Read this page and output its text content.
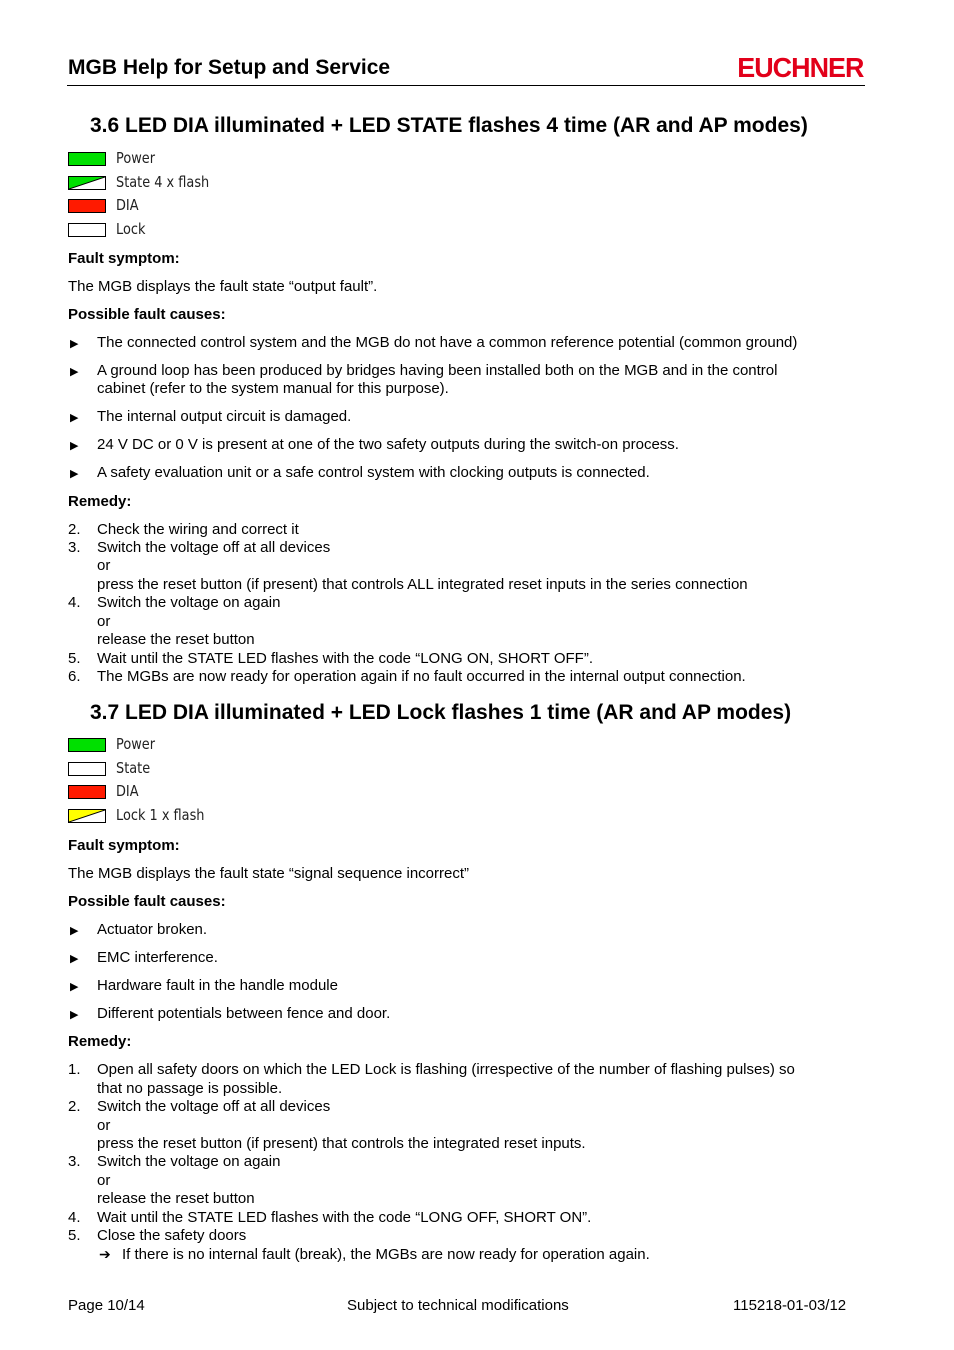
MGB Help for Setup and Service	EUCHNER
3.6 LED DIA illuminated + LED STATE flashes 4 time (AR and AP modes)
Power
State 4 x flash
DIA
Lock
Fault symptom:
The MGB displays the fault state “output fault”.
Possible fault causes:
▶ The connected control system and the MGB do not have a common reference potential (common ground)
▶ A ground loop has been produced by bridges having been installed both on the MGB and in the control
cabinet (refer to the system manual for this purpose).
▶ The internal output circuit is damaged.
▶ 24 V DC or 0 V is present at one of the two safety outputs during the switch-on process.
▶ A safety evaluation unit or a safe control system with clocking outputs is connected.
Remedy:
2. Check the wiring and correct it
3. Switch the voltage off at all devices
or
press the reset button (if present) that controls ALL integrated reset inputs in the series connection
4. Switch the voltage on again
or
release the reset button
5. Wait until the STATE LED flashes with the code “LONG ON, SHORT OFF”.
6. The MGBs are now ready for operation again if no fault occurred in the internal output connection.
3.7 LED DIA illuminated + LED Lock flashes 1 time (AR and AP modes)
Power
State
DIA
Lock 1 x flash
Fault symptom:
The MGB displays the fault state “signal sequence incorrect”
Possible fault causes:
▶ Actuator broken.
▶ EMC interference.
▶ Hardware fault in the handle module
▶ Different potentials between fence and door.
Remedy:
1. Open all safety doors on which the LED Lock is flashing (irrespective of the number of flashing pulses) so
that no passage is possible.
2. Switch the voltage off at all devices
or
press the reset button (if present) that controls the integrated reset inputs.
3. Switch the voltage on again
or
release the reset button
4. Wait until the STATE LED flashes with the code “LONG OFF, SHORT ON”.
5. Close the safety doors
➔ If there is no internal fault (break), the MGBs are now ready for operation again.
Page 10/14	Subject to technical modifications	115218-01-03/12
